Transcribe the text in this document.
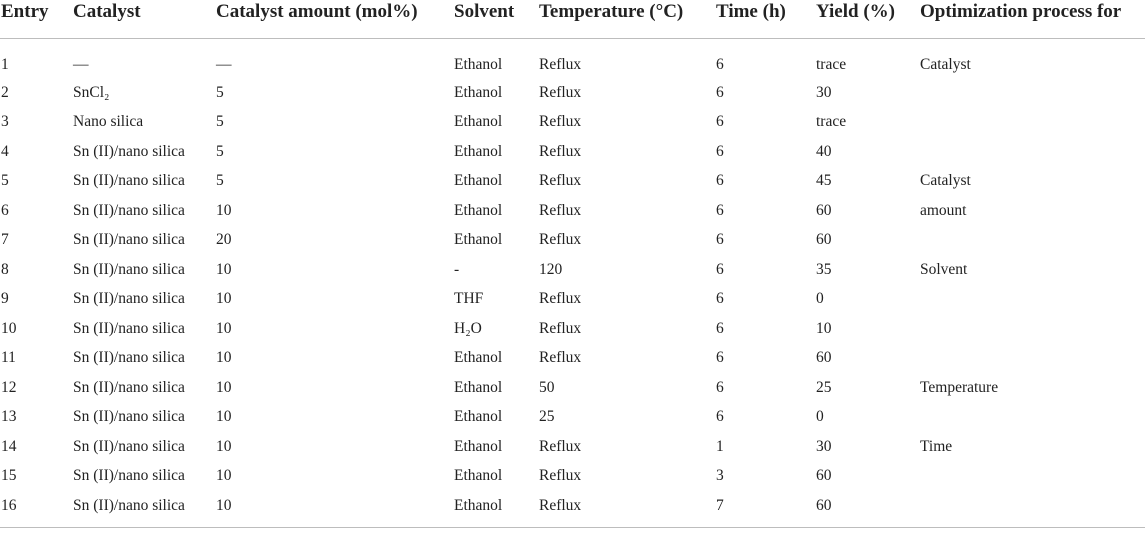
Entry	Catalyst	Catalyst amount (mol%)	Solvent	Temperature (°C)	Time (h)	Yield (%)	Optimization process for
1	—	—	Ethanol	Reflux	6	trace	Catalyst
2	SnCl₂	5	Ethanol	Reflux	6	30	
3	Nano silica	5	Ethanol	Reflux	6	trace	
4	Sn (II)/nano silica	5	Ethanol	Reflux	6	40	
5	Sn (II)/nano silica	5	Ethanol	Reflux	6	45	Catalyst
6	Sn (II)/nano silica	10	Ethanol	Reflux	6	60	amount
7	Sn (II)/nano silica	20	Ethanol	Reflux	6	60	
8	Sn (II)/nano silica	10	-	120	6	35	Solvent
9	Sn (II)/nano silica	10	THF	Reflux	6	0	
10	Sn (II)/nano silica	10	H₂O	Reflux	6	10	
11	Sn (II)/nano silica	10	Ethanol	Reflux	6	60	
12	Sn (II)/nano silica	10	Ethanol	50	6	25	Temperature
13	Sn (II)/nano silica	10	Ethanol	25	6	0	
14	Sn (II)/nano silica	10	Ethanol	Reflux	1	30	Time
15	Sn (II)/nano silica	10	Ethanol	Reflux	3	60	
16	Sn (II)/nano silica	10	Ethanol	Reflux	7	60	
